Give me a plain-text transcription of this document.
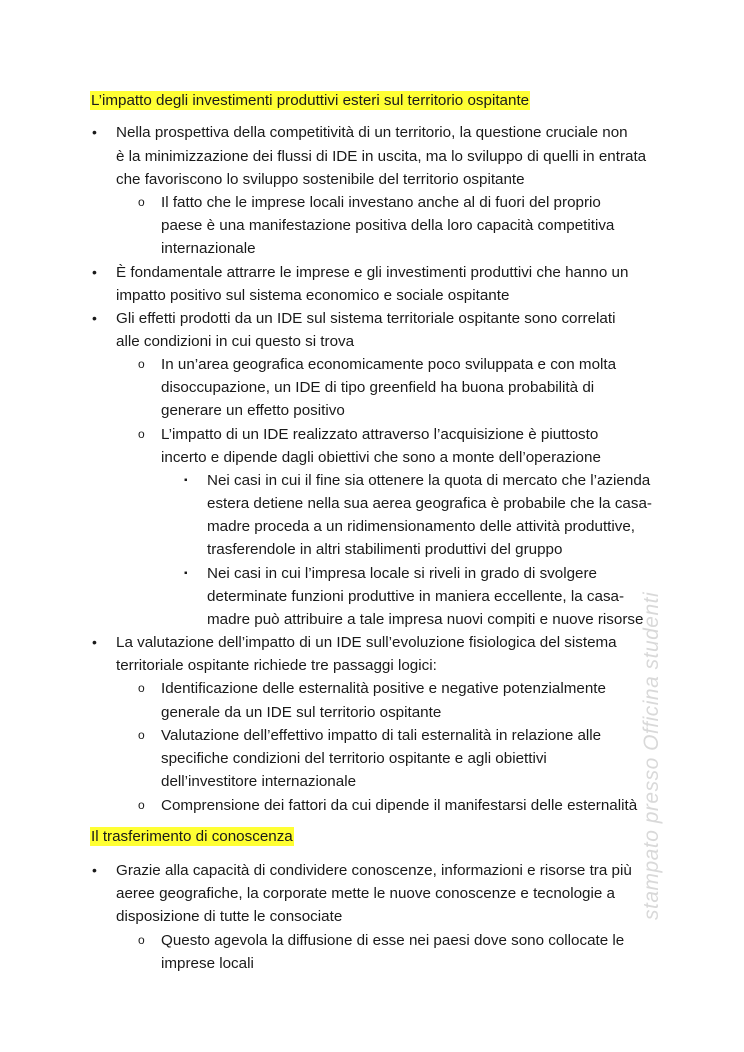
L’impatto degli investimenti produttivi esteri sul territorio ospitante
• Nella prospettiva della competitività di un territorio, la questione cruciale non
è la minimizzazione dei flussi di IDE in uscita, ma lo sviluppo di quelli in entrata
che favoriscono lo sviluppo sostenibile del territorio ospitante
o Il fatto che le imprese locali investano anche al di fuori del proprio
paese è una manifestazione positiva della loro capacità competitiva
internazionale
• È fondamentale attrarre le imprese e gli investimenti produttivi che hanno un
impatto positivo sul sistema economico e sociale ospitante
• Gli effetti prodotti da un IDE sul sistema territoriale ospitante sono correlati
alle condizioni in cui questo si trova
o In un’area geografica economicamente poco sviluppata e con molta
disoccupazione, un IDE di tipo greenfield ha buona probabilità di
generare un effetto positivo
o L’impatto di un IDE realizzato attraverso l’acquisizione è piuttosto
incerto e dipende dagli obiettivi che sono a monte dell’operazione
▪ Nei casi in cui il fine sia ottenere la quota di mercato che l’azienda
estera detiene nella sua aerea geografica è probabile che la casa-
madre proceda a un ridimensionamento delle attività produttive,
trasferendole in altri stabilimenti produttivi del gruppo
▪ Nei casi in cui l’impresa locale si riveli in grado di svolgere
determinate funzioni produttive in maniera eccellente, la casa-
madre può attribuire a tale impresa nuovi compiti e nuove risorse
• La valutazione dell’impatto di un IDE sull’evoluzione fisiologica del sistema
territoriale ospitante richiede tre passaggi logici:
o Identificazione delle esternalità positive e negative potenzialmente
generale da un IDE sul territorio ospitante
o Valutazione dell’effettivo impatto di tali esternalità in relazione alle
specifiche condizioni del territorio ospitante e agli obiettivi
dell’investitore internazionale
o Comprensione dei fattori da cui dipende il manifestarsi delle esternalità
Il trasferimento di conoscenza
• Grazie alla capacità di condividere conoscenze, informazioni e risorse tra più
aeree geografiche, la corporate mette le nuove conoscenze e tecnologie a
disposizione di tutte le consociate
o Questo agevola la diffusione di esse nei paesi dove sono collocate le
imprese locali
stampato presso Officina studenti
